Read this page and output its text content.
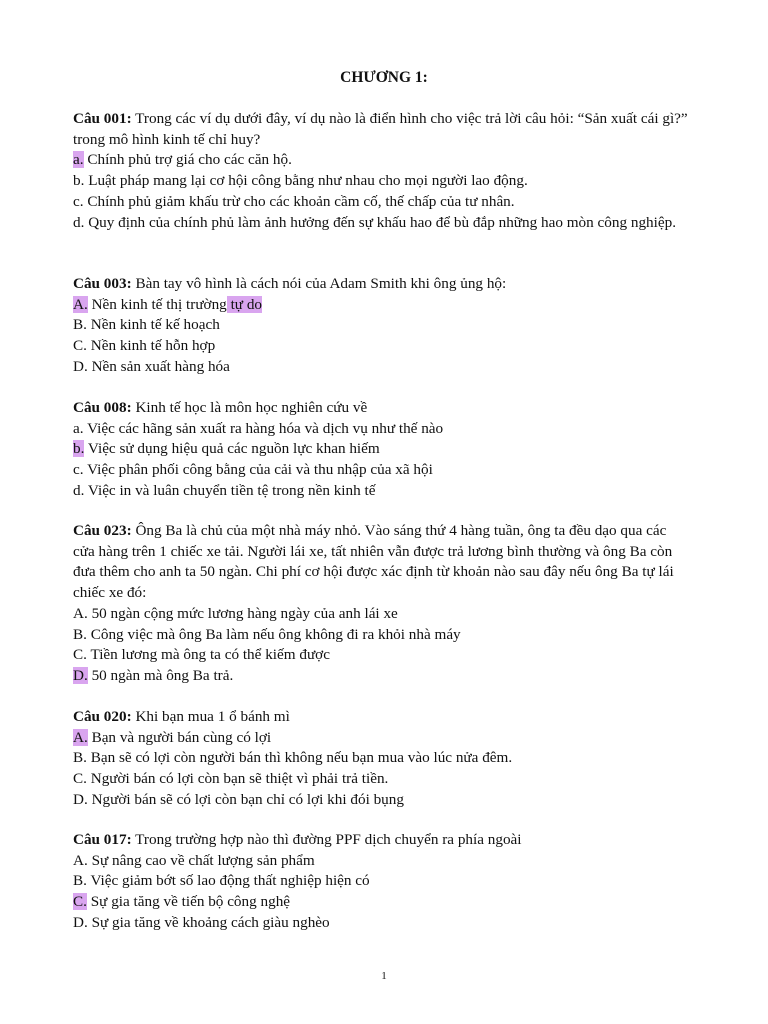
CHƯƠNG 1:

Câu 001: Trong các ví dụ dưới đây, ví dụ nào là điển hình cho việc trả lời câu hỏi: “Sản xuất cái gì?” trong mô hình kinh tế chỉ huy?

a. Chính phủ trợ giá cho các căn hộ.

b. Luật pháp mang lại cơ hội công bằng như nhau cho mọi người lao động.

c. Chính phủ giảm khấu trừ cho các khoản cầm cố, thế chấp của tư nhân.

d. Quy định của chính phủ làm ảnh hưởng đến sự khấu hao để bù đắp những hao mòn công nghiệp.

Câu 003: Bàn tay vô hình là cách nói của Adam Smith khi ông ủng hộ:

A. Nền kinh tế thị trường tự do

B. Nền kinh tế kế hoạch

C. Nền kinh tế hỗn hợp

D. Nền sản xuất hàng hóa

Câu 008: Kinh tế học là môn học nghiên cứu về

a. Việc các hãng sản xuất ra hàng hóa và dịch vụ như thế nào

b. Việc sử dụng hiệu quả các nguồn lực khan hiếm

c. Việc phân phối công bằng của cải và thu nhập của xã hội

d. Việc in và luân chuyển tiền tệ trong nền kinh tế

Câu 023: Ông Ba là chủ của một nhà máy nhỏ. Vào sáng thứ 4 hàng tuần, ông ta đều dạo qua các cửa hàng trên 1 chiếc xe tải. Người lái xe, tất nhiên vẫn được trả lương bình thường và ông Ba còn đưa thêm cho anh ta 50 ngàn. Chi phí cơ hội được xác định từ khoản nào sau đây nếu ông Ba tự lái chiếc xe đó:

A. 50 ngàn cộng mức lương hàng ngày của anh lái xe

B. Công việc mà ông Ba làm nếu ông không đi ra khỏi nhà máy

C. Tiền lương mà ông ta có thể kiếm được

D. 50 ngàn mà ông Ba trả.

Câu 020: Khi bạn mua 1 ổ bánh mì

A. Bạn và người bán cùng có lợi

B. Bạn sẽ có lợi còn người bán thì không nếu bạn mua vào lúc nửa đêm.

C. Người bán có lợi còn bạn sẽ thiệt vì phải trả tiền.

D. Người bán sẽ có lợi còn bạn chỉ có lợi khi đói bụng

Câu 017: Trong trường hợp nào thì đường PPF dịch chuyển ra phía ngoài

A. Sự nâng cao về chất lượng sản phẩm

B. Việc giảm bớt số lao động thất nghiệp hiện có

C. Sự gia tăng về tiến bộ công nghệ

D. Sự gia tăng về khoảng cách giàu nghèo

1
